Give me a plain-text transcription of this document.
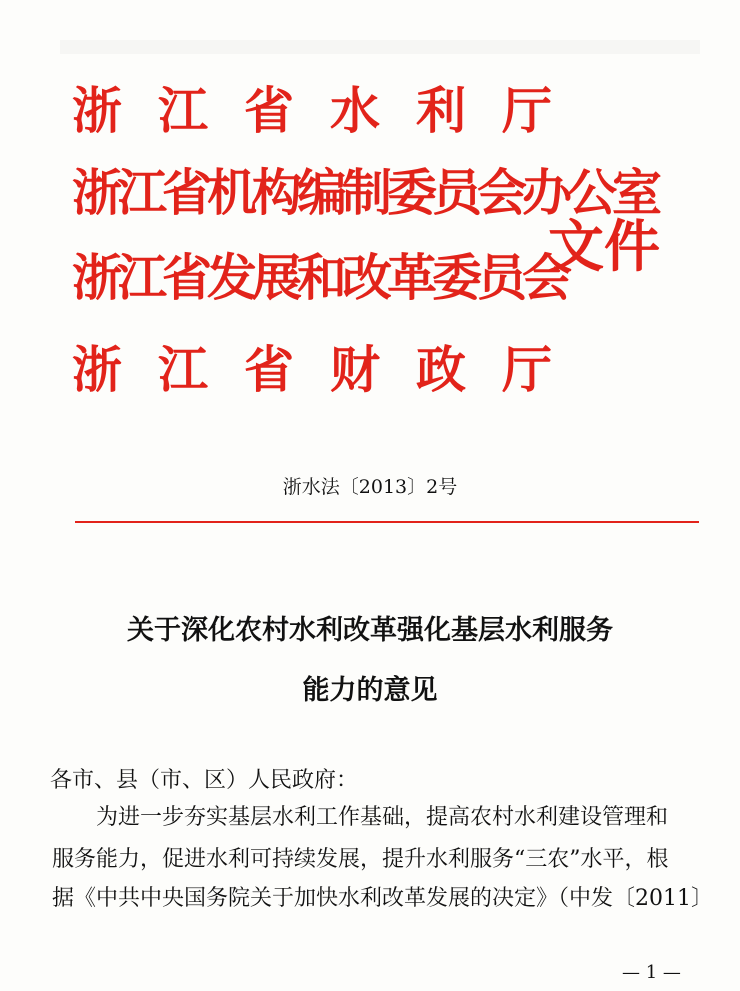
浙江省水利厅
浙江省机构编制委员会办公室
浙江省发展和改革委员会
浙江省财政厅
文件
浙水法〔2013〕2号
关于深化农村水利改革强化基层水利服务
能力的意见
各市、县（市、区）人民政府：
为进一步夯实基层水利工作基础，提高农村水利建设管理和
服务能力，促进水利可持续发展，提升水利服务“三农”水平，根
据《中共中央国务院关于加快水利改革发展的决定》（中发〔2011〕
— 1 —
